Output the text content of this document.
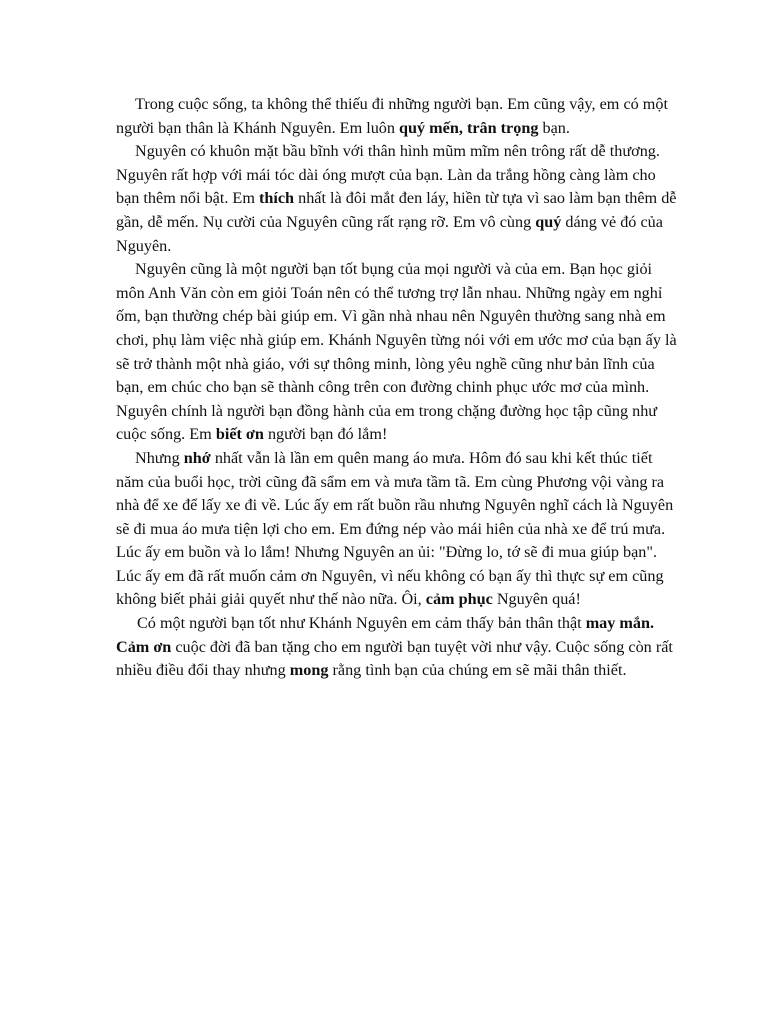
Trong cuộc sống, ta không thể thiếu đi những người bạn. Em cũng vậy, em có một người bạn thân là Khánh Nguyên. Em luôn quý mến, trân trọng bạn.

Nguyên có khuôn mặt bầu bĩnh với thân hình mũm mĩm nên trông rất dễ thương. Nguyên rất hợp với mái tóc dài óng mượt của bạn. Làn da trắng hồng càng làm cho bạn thêm nổi bật. Em thích nhất là đôi mắt đen láy, hiền từ tựa vì sao làm bạn thêm dễ gần, dễ mến. Nụ cười của Nguyên cũng rất rạng rỡ. Em vô cùng quý dáng vẻ đó của Nguyên.

Nguyên cũng là một người bạn tốt bụng của mọi người và của em. Bạn học giỏi môn Anh Văn còn em giỏi Toán nên có thể tương trợ lẫn nhau. Những ngày em nghỉ ốm, bạn thường chép bài giúp em. Vì gần nhà nhau nên Nguyên thường sang nhà em chơi, phụ làm việc nhà giúp em. Khánh Nguyên từng nói với em ước mơ của bạn ấy là sẽ trở thành một nhà giáo, với sự thông minh, lòng yêu nghề cũng như bản lĩnh của bạn, em chúc cho bạn sẽ thành công trên con đường chinh phục ước mơ của mình. Nguyên chính là người bạn đồng hành của em trong chặng đường học tập cũng như cuộc sống. Em biết ơn người bạn đó lắm!

Nhưng nhớ nhất vẫn là lần em quên mang áo mưa. Hôm đó sau khi kết thúc tiết năm của buổi học, trời cũng đã sẩm em và mưa tầm tã. Em cùng Phương vội vàng ra nhà để xe để lấy xe đi về. Lúc ấy em rất buồn rầu nhưng Nguyên nghĩ cách là Nguyên sẽ đi mua áo mưa tiện lợi cho em. Em đứng nép vào mái hiên của nhà xe để trú mưa. Lúc ấy em buồn và lo lắm! Nhưng Nguyên an ủi: "Đừng lo, tớ sẽ đi mua giúp bạn". Lúc ấy em đã rất muốn cảm ơn Nguyên, vì nếu không có bạn ấy thì thực sự em cũng không biết phải giải quyết như thế nào nữa. Ôi, cảm phục Nguyên quá!

Có một người bạn tốt như Khánh Nguyên em cảm thấy bản thân thật may mắn. Cảm ơn cuộc đời đã ban tặng cho em người bạn tuyệt vời như vậy. Cuộc sống còn rất nhiều điều đổi thay nhưng mong rằng tình bạn của chúng em sẽ mãi thân thiết.
